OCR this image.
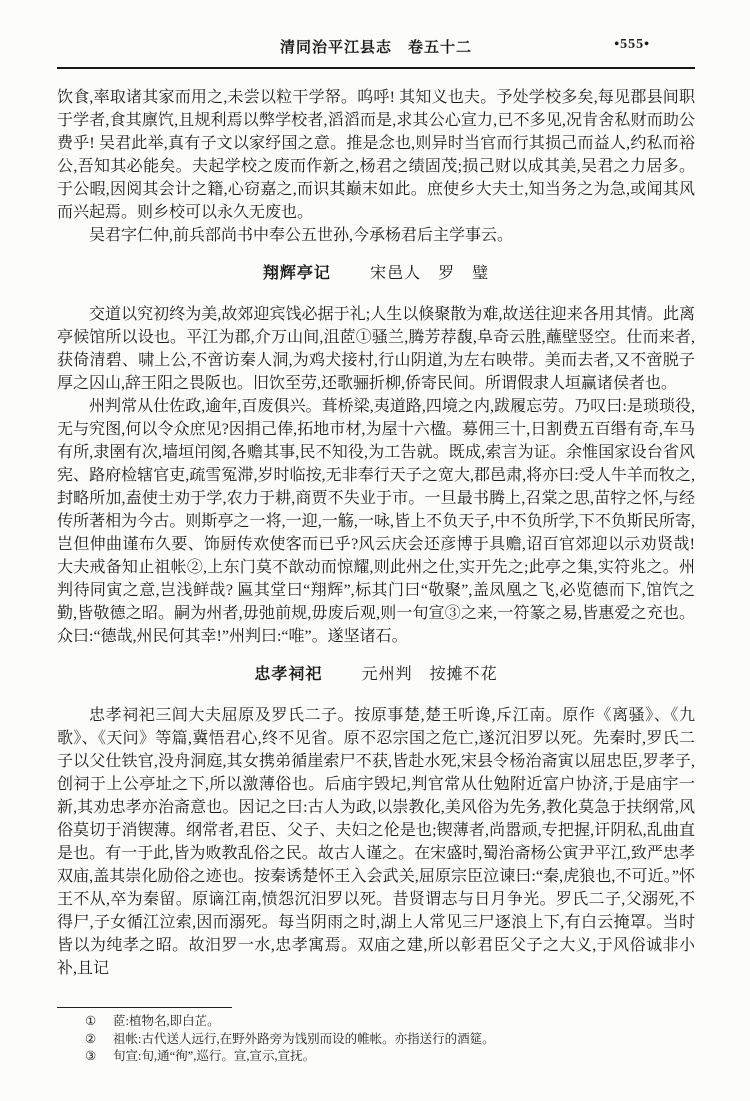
清同治平江县志　卷五十二	•555•

饮食,率取诸其家而用之,未尝以粒干学帑。呜呼! 其知义也夫。予处学校多矣,每见郡县间职于学者,食其廪饩,且规利焉以弊学校者,滔滔而是,求其公心宣力,已不多见,况肯舍私财而助公费乎! 吴君此举,真有子文以家纾国之意。推是念也,则异时当官而行其损己而益人,约私而裕公,吾知其必能矣。夫起学校之废而作新之,杨君之绩固茂;损己财以成其美,吴君之力居多。于公暇,因阅其会计之籍,心窃嘉之,而识其巅末如此。庶使乡大夫士,知当务之为急,或闻其风而兴起焉。则乡校可以永久无废也。

吴君字仁仲,前兵部尚书中奉公五世孙,今承杨君后主学事云。

翔辉亭记 宋邑人　罗　璧

交道以究初终为美,故郊迎宾饯必据于礼;人生以倏聚散为难,故送往迎来各用其情。此离亭候馆所以设也。平江为郡,介万山间,沮茝①骚兰,腾芳荐馥,阜奇云胜,蘸壁竖空。仕而来者,获倚清碧、啸上公,不啻访秦人洞,为鸡犬接村,行山阴道,为左右映带。美而去者,又不啻脱子厚之囚山,辞王阳之畏阪也。旧饮至劳,还歌骊折柳,侨寄民间。所谓假隶人垣赢诸侯者也。

州判常从仕佐政,逾年,百废俱兴。葺桥梁,夷道路,四境之内,跋履忘劳。乃叹曰:是琐琐役,无与究图,何以令众庶见?因捐己俸,拓地市材,为屋十六楹。募佣三十,日割费五百缗有奇,车马有所,隶圉有次,墙垣闬阂,各赡其事,民不知役,为工告就。既成,索言为证。余惟国家设台省风宪、路府检辖官吏,疏雪冤滞,岁时临按,无非奉行天子之宽大,郡邑肃,将亦曰:受人牛羊而牧之,封略所加,盍使士劝于学,农力于耕,商贾不失业于市。一旦最书腾上,召棠之思,苗牸之怀,与经传所著相为今古。则斯亭之一将,一迎,一觞,一咏,皆上不负天子,中不负所学,下不负斯民所寄,岂但伸曲谨布久要、饰厨传欢使客而已乎?风云庆会还彦博于具赡,诏百官郊迎以示劝贤哉! 大夫戒备知止祖帐②,上东门莫不歆动而惊耀,则此州之仕,实开先之;此亭之集,实符兆之。州判待同寅之意,岂浅鲜哉? 匾其堂曰“翔辉”,标其门曰“敬聚”,盖凤凰之飞,必览德而下,馆饩之勤,皆敬德之昭。嗣为州者,毋弛前规,毋废后观,则一旬宣③之来,一符篆之易,皆惠爱之充也。众曰:“德哉,州民何其幸!”州判曰:“唯”。遂坚诸石。

忠孝祠祀 元州判　按摊不花

忠孝祠祀三闾大夫屈原及罗氏二子。按原事楚,楚王听谗,斥江南。原作《离骚》、《九歌》、《天问》等篇,冀悟君心,终不见省。原不忍宗国之危亡,遂沉汨罗以死。先秦时,罗氏二子以父仕铁官,没舟洞庭,其女携弟循崖索尸不获,皆赴水死,宋县令杨治斋寅以屈忠臣,罗孝子,创祠于上公亭址之下,所以激薄俗也。后庙宇毁圮,判官常从仕勉附近富户协济,于是庙宇一新,其劝忠孝亦治斋意也。因记之曰:古人为政,以崇教化,美风俗为先务,教化莫急于扶纲常,风俗莫切于消锲薄。纲常者,君臣、父子、夫妇之伦是也;锲薄者,尚嚣顽,专把握,讦阴私,乱曲直是也。有一于此,皆为败教乱俗之民。故古人谨之。在宋盛时,蜀治斋杨公寅尹平江,致严忠孝双庙,盖其崇化励俗之迹也。按秦诱楚怀王入会武关,屈原宗臣泣谏曰:“秦,虎狼也,不可近。”怀王不从,卒为秦留。原谪江南,愤怨沉汨罗以死。昔贤谓志与日月争光。罗氏二子,父溺死,不得尸,子女循江泣索,因而溺死。每当阴雨之时,湖上人常见三尸逐浪上下,有白云掩罩。当时皆以为纯孝之昭。故汨罗一水,忠孝寓焉。双庙之建,所以彰君臣父子之大义,于风俗诚非小补,且记

①	茝:植物名,即白芷。
②	祖帐:古代送人远行,在野外路旁为饯别而设的帷帐。亦指送行的酒筵。
③	旬宣:旬,通“徇”,巡行。宣,宣示,宣抚。
